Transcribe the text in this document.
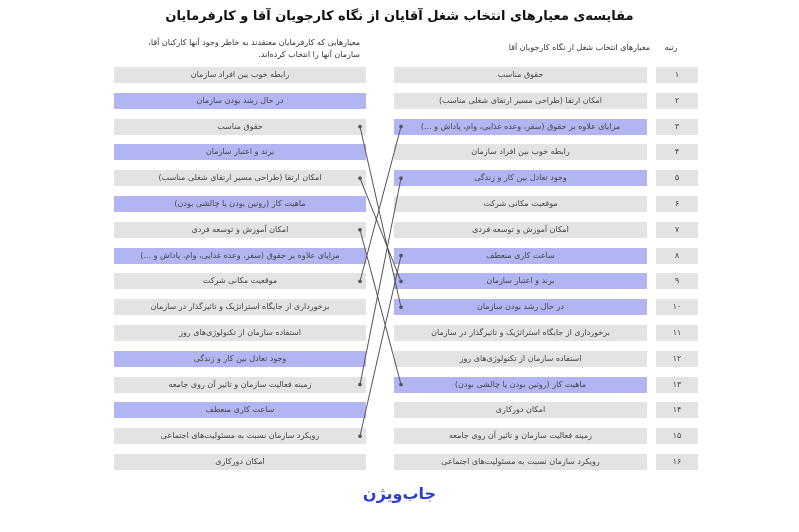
مقایسه‌ی معیارهای انتخاب شغل آقایان از نگاه کارجویان آقا و کارفرمایان
رتبه
معیارهای انتخاب شغل از نگاه کارجویان آقا
معیارهایی که کارفرمایان معتقدند به خاطر وجود آنها کارکنان آقا،
سازمان آنها را انتخاب کرده‌اند.
۱
۲
۳
۴
۵
۶
۷
۸
۹
۱۰
۱۱
۱۲
۱۳
۱۴
۱۵
۱۶
حقوق مناسب
امکان ارتقا (طراحی مسیر ارتقای شغلی مناسب)
مزایای علاوه بر حقوق (سفر، وعده غذایی، وام، پاداش و ...)
رابطه خوب بین افراد سازمان
وجود تعادل بین کار و زندگی
موقعیت مکانی شرکت
امکان آموزش و توسعه فردی
ساعت کاری منعطف
برند و اعتبار سازمان
در حال رشد بودن سازمان
برخورداری از جایگاه استراتژیک و تاثیرگذار در سازمان
استفاده سازمان از تکنولوژی‌های روز
ماهیت کار (روتین بودن یا چالشی بودن)
امکان دورکاری
زمینه فعالیت سازمان و تاثیر آن روی جامعه
رویکرد سازمان نسبت به مسئولیت‌های اجتماعی
رابطه خوب بین افراد سازمان
در حال رشد بودن سازمان
حقوق مناسب
برند و اعتبار سازمان
امکان ارتقا (طراحی مسیر ارتقای شغلی مناسب)
ماهیت کار (روتین بودن یا چالشی بودن)
امکان آموزش و توسعه فردی
مزایای علاوه بر حقوق (سفر، وعده غذایی، وام، پاداش و ...)
موقعیت مکانی شرکت
برخورداری از جایگاه استراتژیک و تاثیرگذار در سازمان
استفاده سازمان از تکنولوژی‌های روز
وجود تعادل بین کار و زندگی
زمینه فعالیت سازمان و تاثیر آن روی جامعه
ساعت کاری منعطف
رویکرد سازمان نسبت به مسئولیت‌های اجتماعی
امکان دورکاری
جاب‌ویژن
